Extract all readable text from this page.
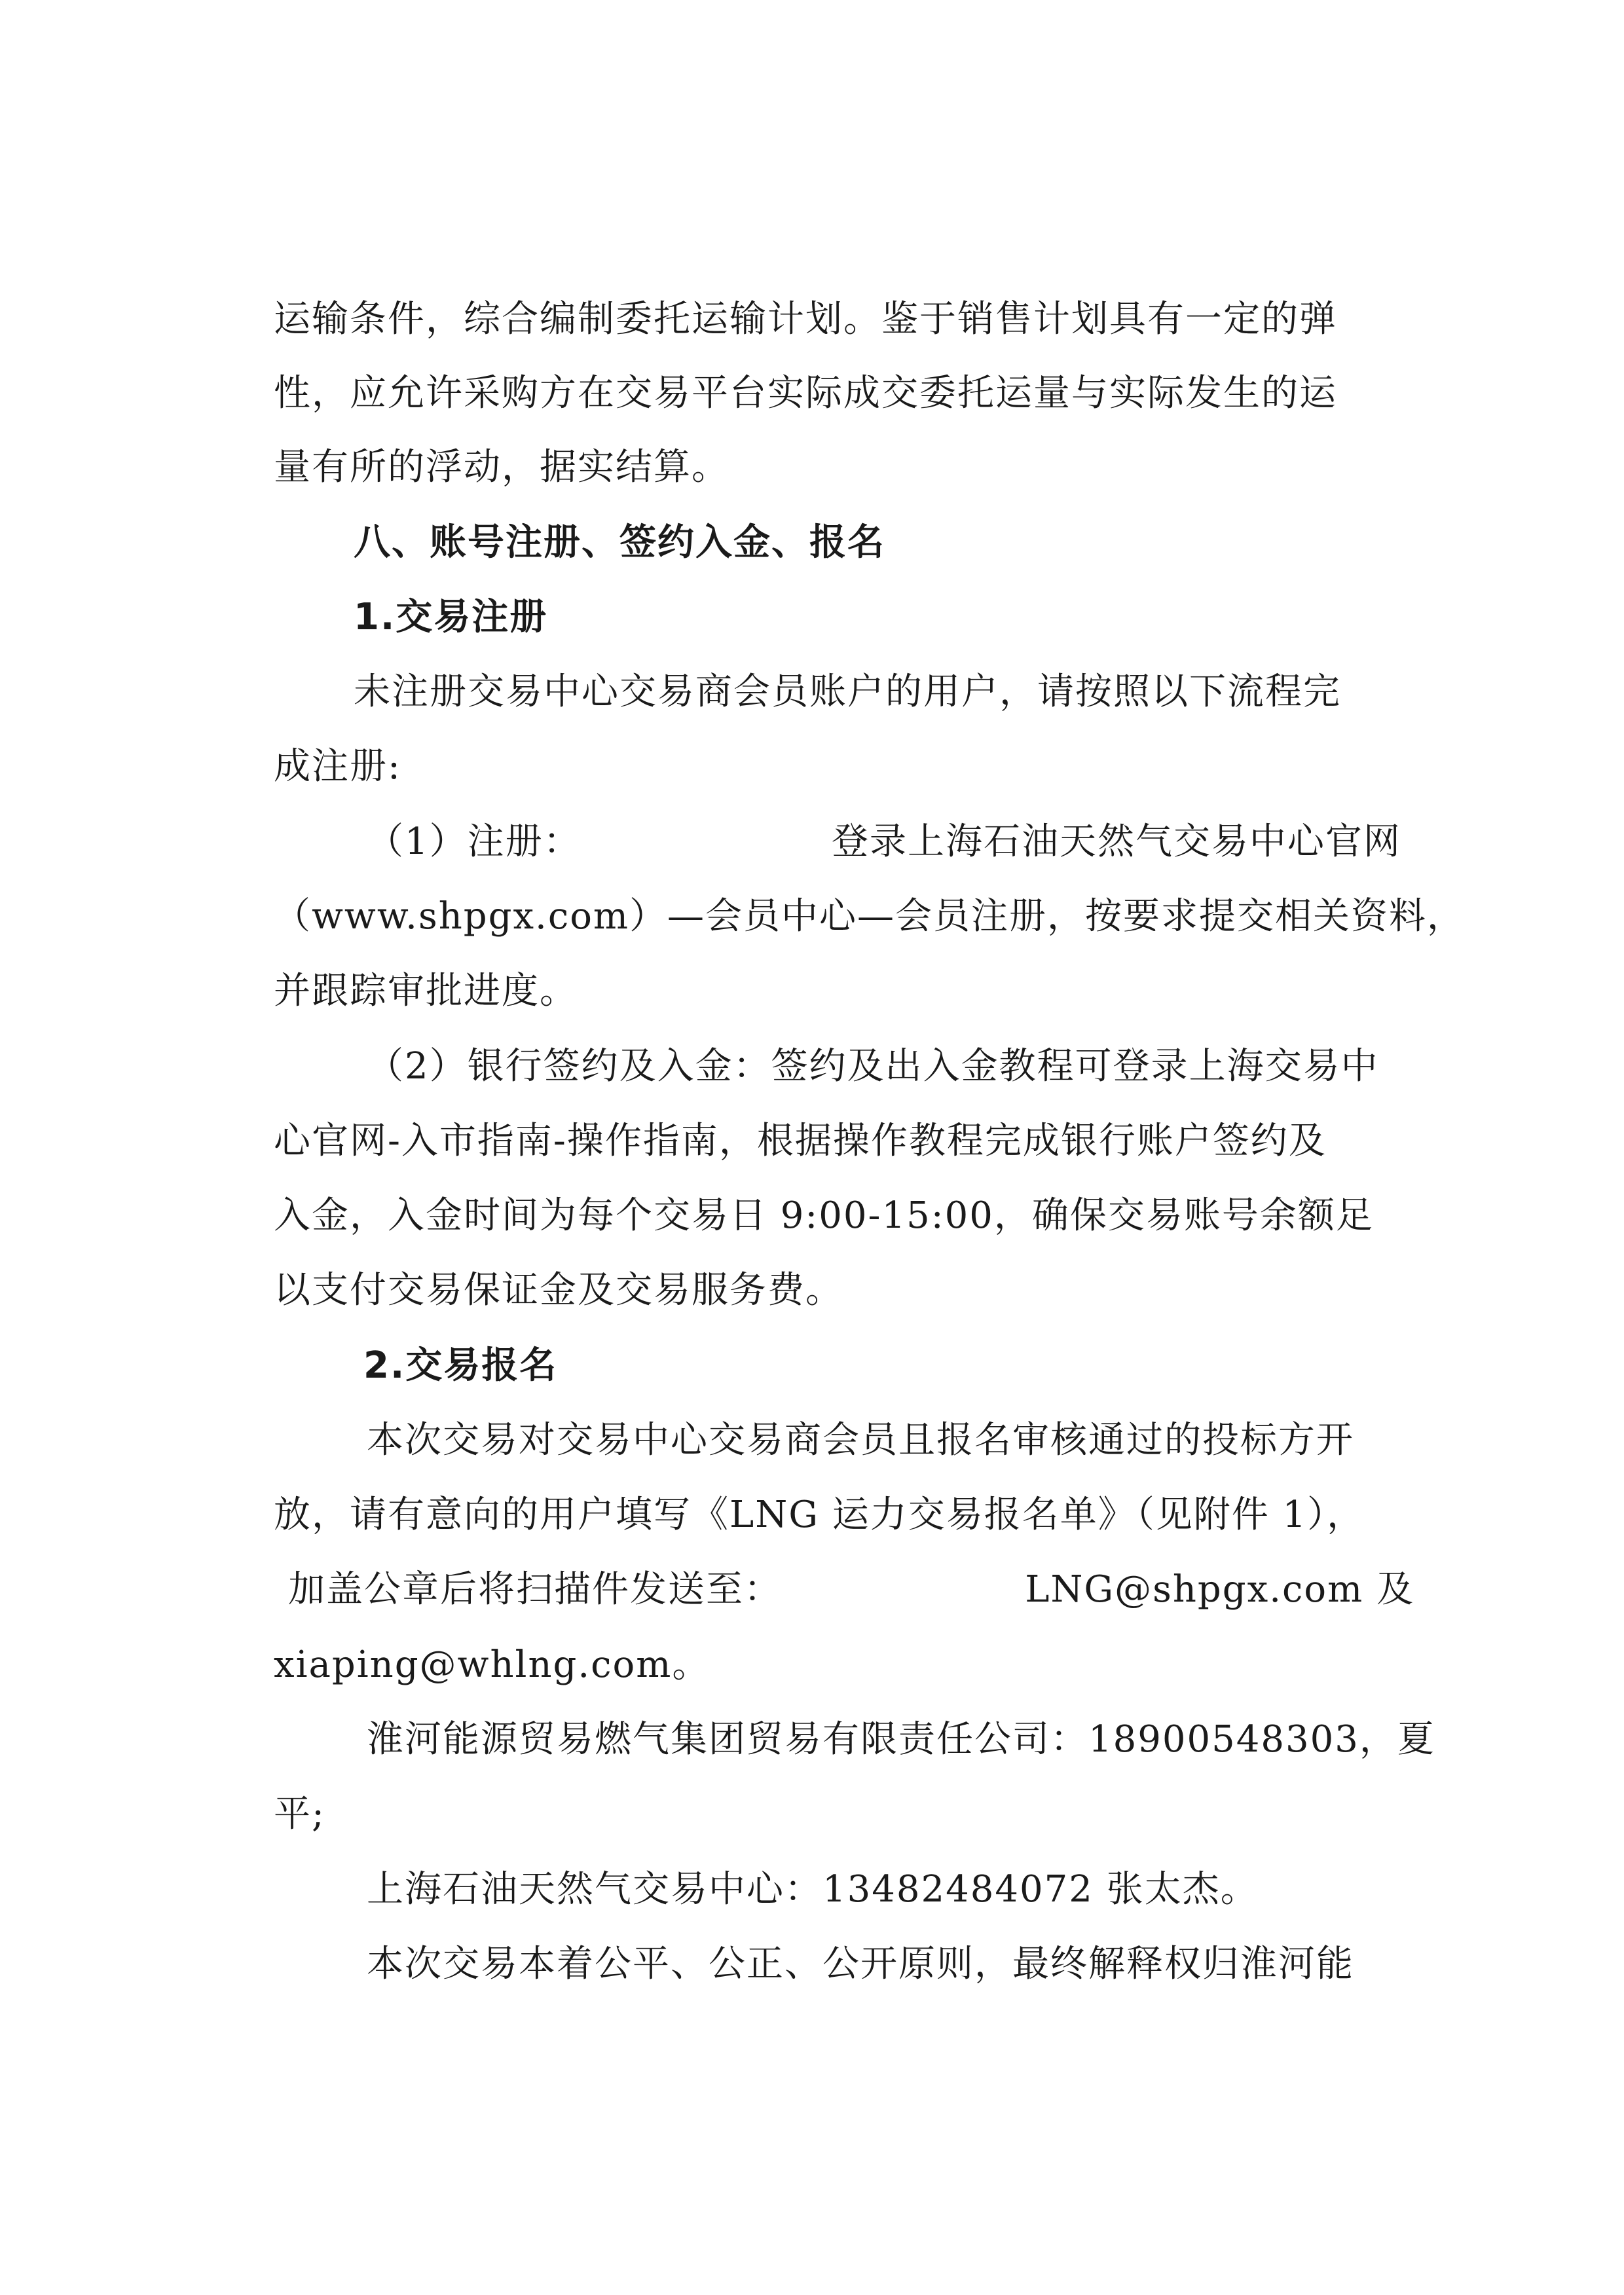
运输条件，综合编制委托运输计划。鉴于销售计划具有一定的弹
性，应允许采购方在交易平台实际成交委托运量与实际发生的运
量有所的浮动，据实结算。
八、账号注册、签约入金、报名
1.交易注册
未注册交易中心交易商会员账户的用户，请按照以下流程完
成注册:
（1）注册：	登录上海石油天然气交易中心官网
（www.shpgx.com）—会员中心—会员注册，按要求提交相关资料，
并跟踪审批进度。
（2）银行签约及入金：签约及出入金教程可登录上海交易中
心官网-入市指南-操作指南，根据操作教程完成银行账户签约及
入金，入金时间为每个交易日 9:00-15:00，确保交易账号余额足
以支付交易保证金及交易服务费。
2.交易报名
本次交易对交易中心交易商会员且报名审核通过的投标方开
放，请有意向的用户填写《LNG 运力交易报名单》（见附件 1），
加盖公章后将扫描件发送至：	LNG@shpgx.com 及
xiaping@whlng.com。
淮河能源贸易燃气集团贸易有限责任公司：18900548303，夏
平;
上海石油天然气交易中心：13482484072 张太杰。
本次交易本着公平、公正、公开原则，最终解释权归淮河能
